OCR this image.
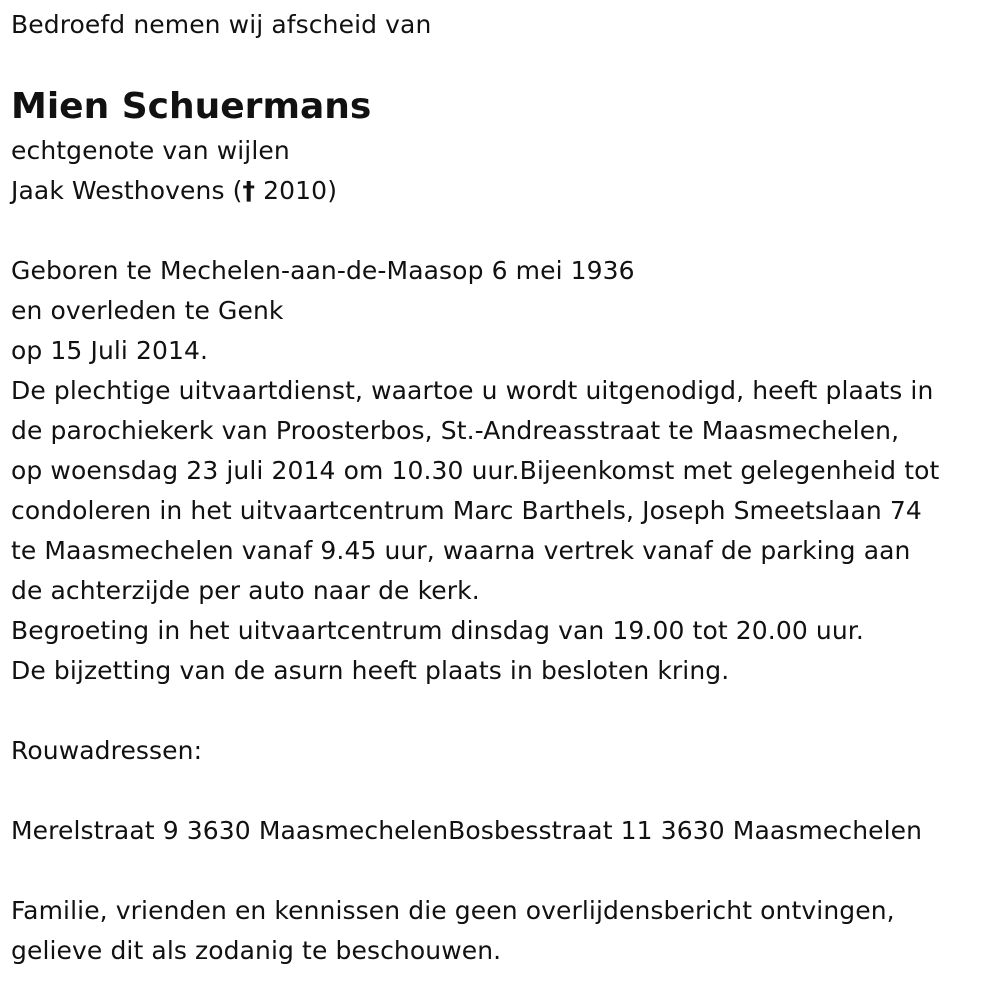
Bedroefd nemen wij afscheid van
Mien Schuermans
echtgenote van wijlen
Jaak Westhovens († 2010)
Geboren te Mechelen-aan-de-Maasop 6 mei 1936
en overleden te Genk
op 15 Juli 2014.
De plechtige uitvaartdienst, waartoe u wordt uitgenodigd, heeft plaats in
de parochiekerk van Proosterbos, St.-Andreasstraat te Maasmechelen,
op woensdag 23 juli 2014 om 10.30 uur.Bijeenkomst met gelegenheid tot
condoleren in het uitvaartcentrum Marc Barthels, Joseph Smeetslaan 74
te Maasmechelen vanaf 9.45 uur, waarna vertrek vanaf de parking aan
de achterzijde per auto naar de kerk.
Begroeting in het uitvaartcentrum dinsdag van 19.00 tot 20.00 uur.
De bijzetting van de asurn heeft plaats in besloten kring.
Rouwadressen:
Merelstraat 9 3630 MaasmechelenBosbesstraat 11 3630 Maasmechelen
Familie, vrienden en kennissen die geen overlijdensbericht ontvingen,
gelieve dit als zodanig te beschouwen.
